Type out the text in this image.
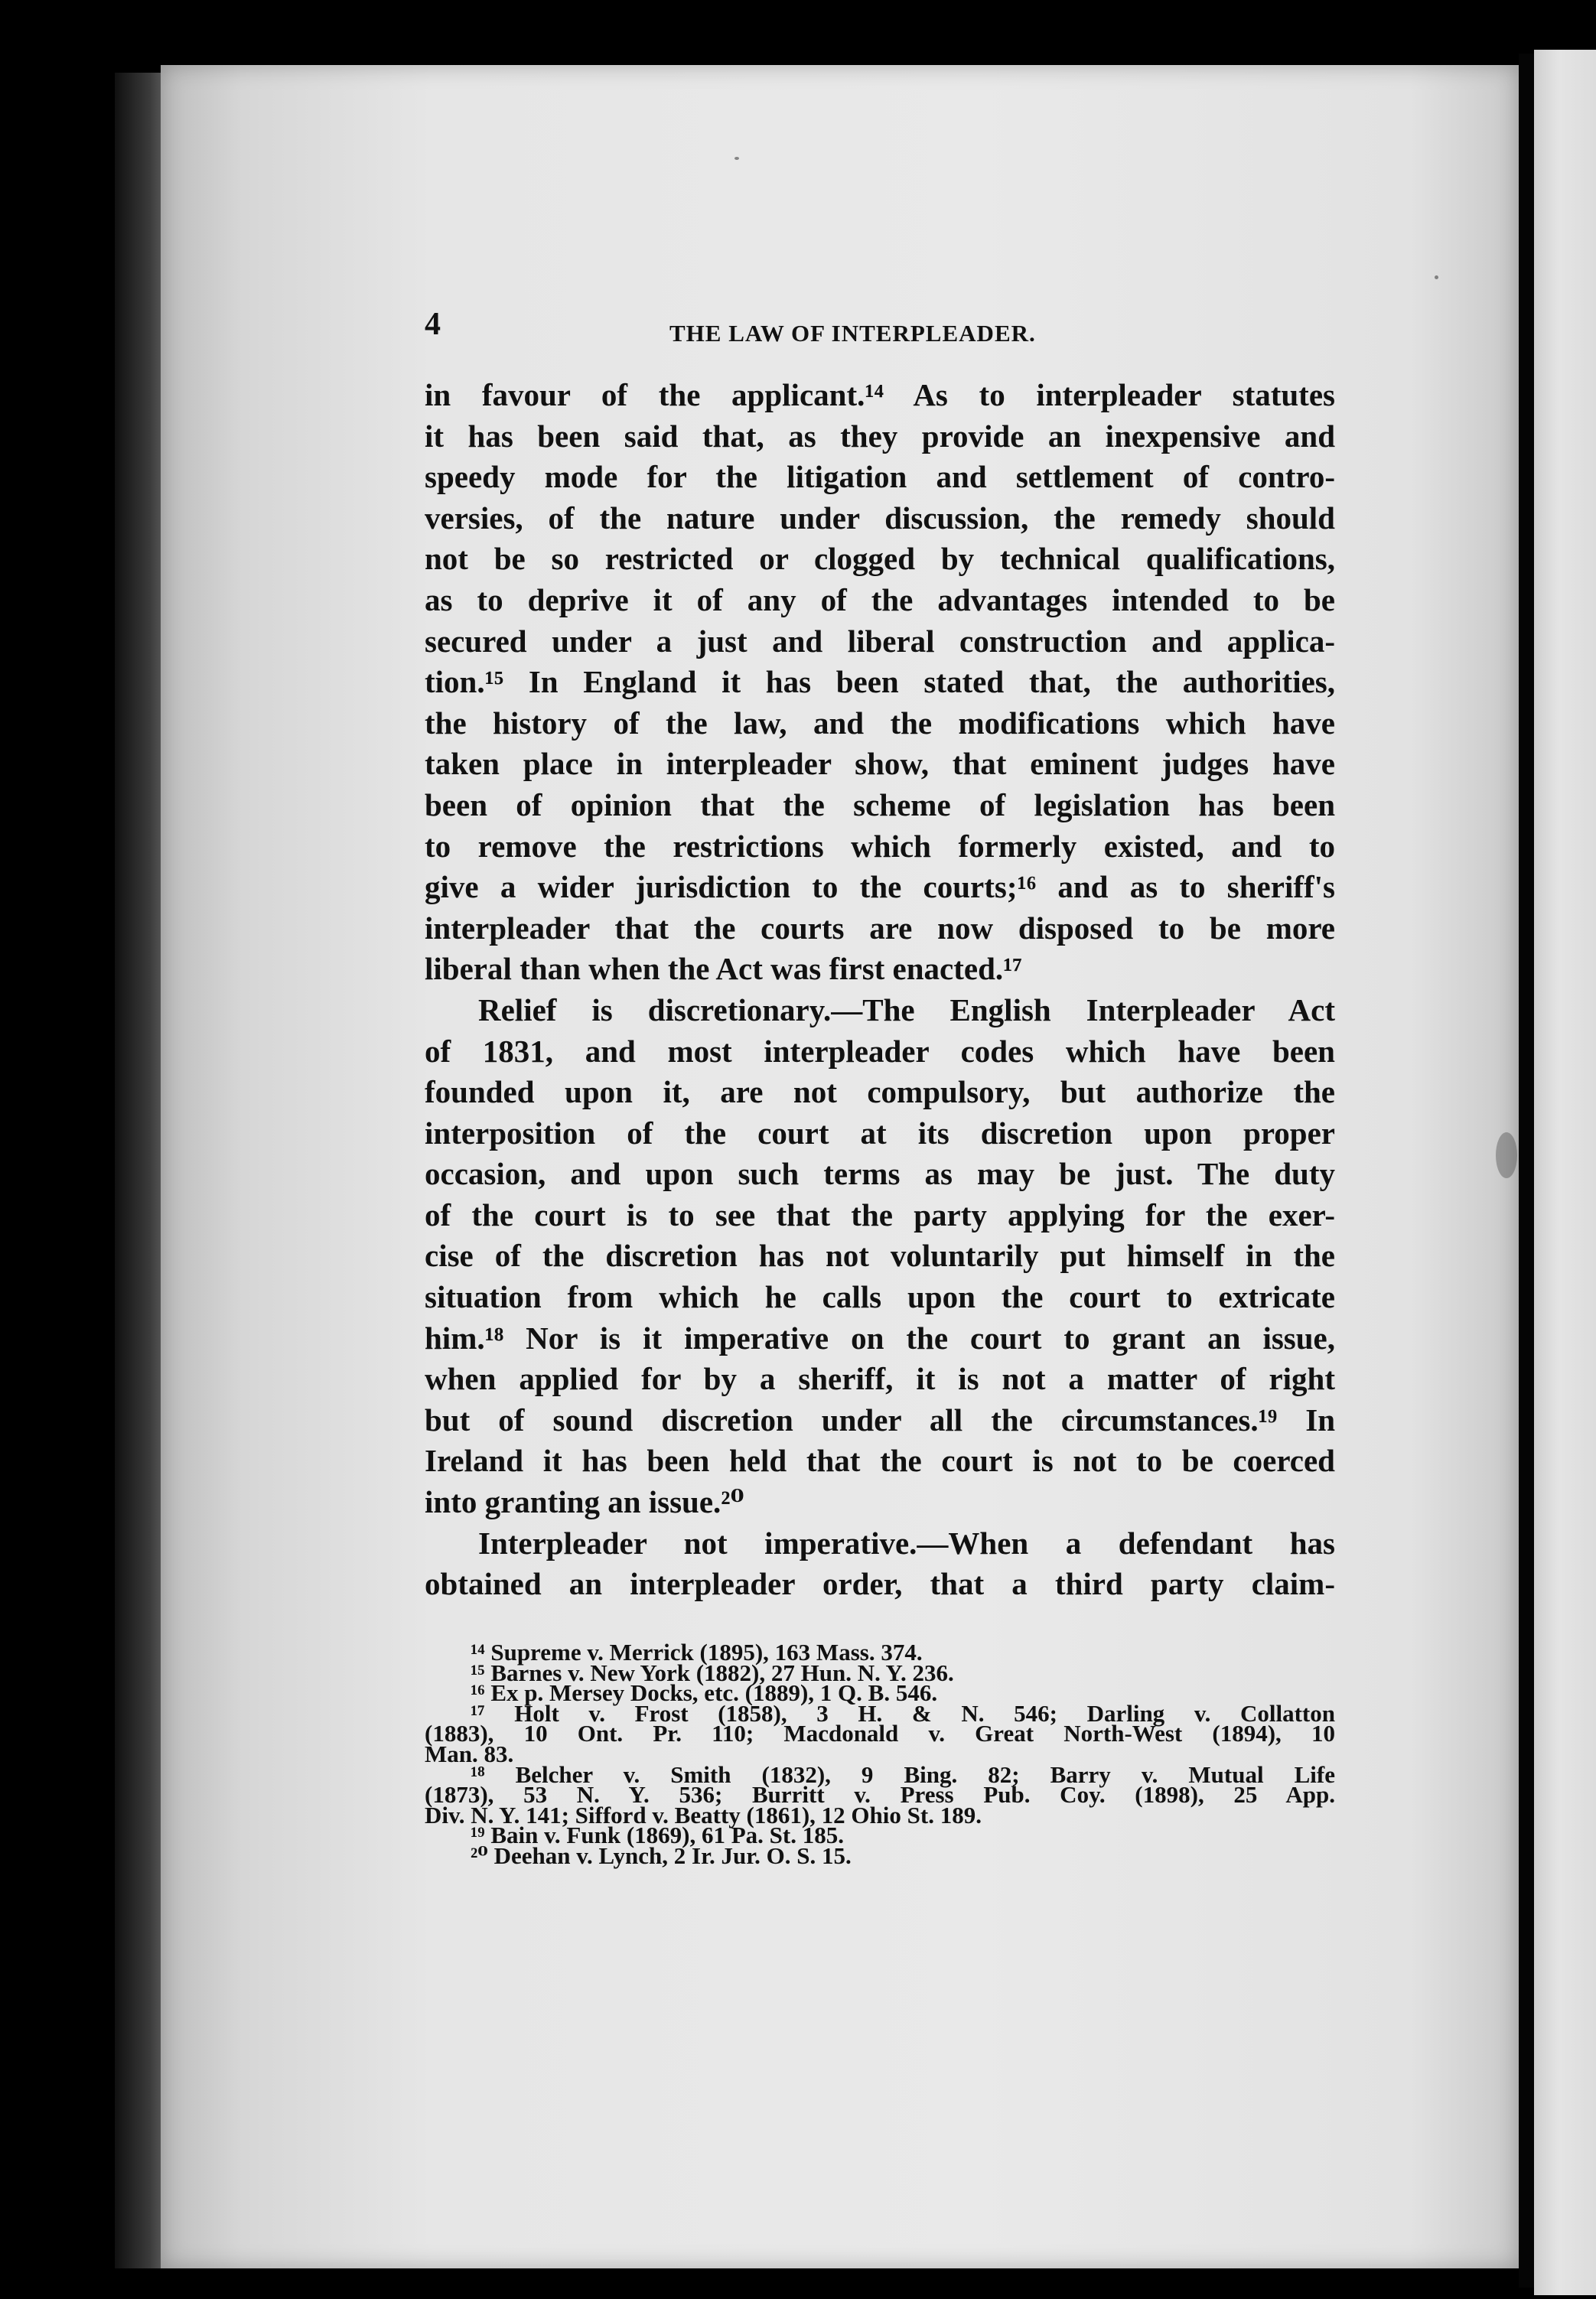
4	THE LAW OF INTERPLEADER.
in favour of the applicant.¹⁴ As to interpleader statutes
it has been said that, as they provide an inexpensive and
speedy mode for the litigation and settlement of contro-
versies, of the nature under discussion, the remedy should
not be so restricted or clogged by technical qualifications,
as to deprive it of any of the advantages intended to be
secured under a just and liberal construction and applica-
tion.¹⁵ In England it has been stated that, the authorities,
the history of the law, and the modifications which have
taken place in interpleader show, that eminent judges have
been of opinion that the scheme of legislation has been
to remove the restrictions which formerly existed, and to
give a wider jurisdiction to the courts;¹⁶ and as to sheriff's
interpleader that the courts are now disposed to be more
liberal than when the Act was first enacted.¹⁷
Relief is discretionary.—The English Interpleader Act
of 1831, and most interpleader codes which have been
founded upon it, are not compulsory, but authorize the
interposition of the court at its discretion upon proper
occasion, and upon such terms as may be just. The duty
of the court is to see that the party applying for the exer-
cise of the discretion has not voluntarily put himself in the
situation from which he calls upon the court to extricate
him.¹⁸ Nor is it imperative on the court to grant an issue,
when applied for by a sheriff, it is not a matter of right
but of sound discretion under all the circumstances.¹⁹ In
Ireland it has been held that the court is not to be coerced
into granting an issue.²⁰
Interpleader not imperative.—When a defendant has
obtained an interpleader order, that a third party claim-
¹⁴ Supreme v. Merrick (1895), 163 Mass. 374.
¹⁵ Barnes v. New York (1882), 27 Hun. N. Y. 236.
¹⁶ Ex p. Mersey Docks, etc. (1889), 1 Q. B. 546.
¹⁷ Holt v. Frost (1858), 3 H. & N. 546; Darling v. Collatton
(1883), 10 Ont. Pr. 110; Macdonald v. Great North-West (1894), 10
Man. 83.
¹⁸ Belcher v. Smith (1832), 9 Bing. 82; Barry v. Mutual Life
(1873), 53 N. Y. 536; Burritt v. Press Pub. Coy. (1898), 25 App.
Div. N. Y. 141; Sifford v. Beatty (1861), 12 Ohio St. 189.
¹⁹ Bain v. Funk (1869), 61 Pa. St. 185.
²⁰ Deehan v. Lynch, 2 Ir. Jur. O. S. 15.
